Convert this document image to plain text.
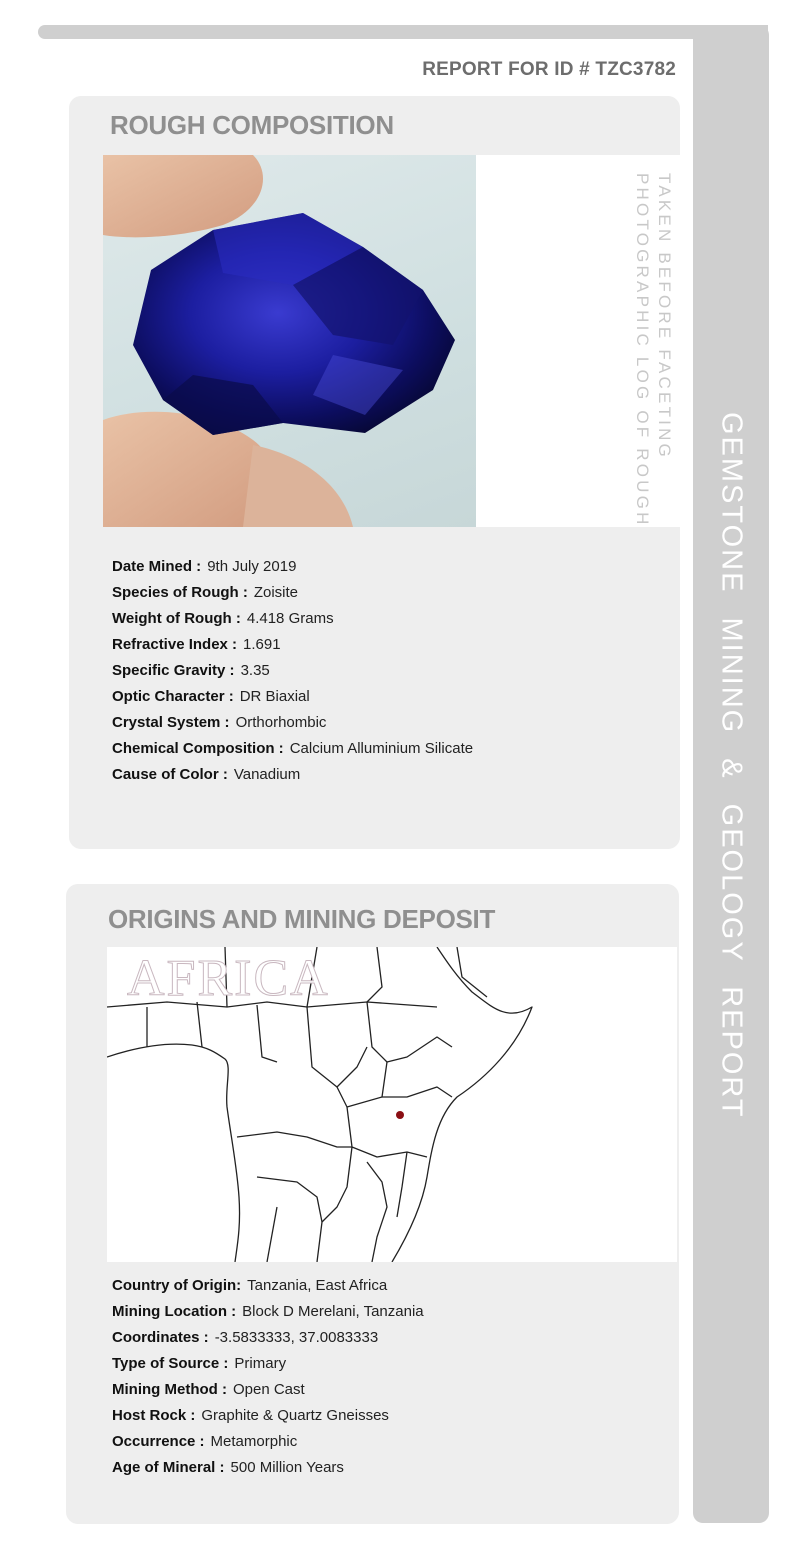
GEMSTONE MINING & GEOLOGY REPORT
REPORT FOR ID # TZC3782
ROUGH COMPOSITION
PHOTOGRAPHIC LOG OF ROUGH TAKEN BEFORE FACETING
Date Mined : 9th July 2019
Species of Rough : Zoisite
Weight of Rough : 4.418 Grams
Refractive Index : 1.691
Specific Gravity : 3.35
Optic Character : DR Biaxial
Crystal System : Orthorhombic
Chemical Composition : Calcium Alluminium Silicate
Cause of Color : Vanadium
ORIGINS AND MINING DEPOSIT
AFRICA
Country of Origin: Tanzania, East Africa
Mining Location : Block D Merelani, Tanzania
Coordinates : -3.5833333, 37.0083333
Type of Source : Primary
Mining Method : Open Cast
Host Rock : Graphite & Quartz Gneisses
Occurrence : Metamorphic
Age of Mineral : 500 Million Years
